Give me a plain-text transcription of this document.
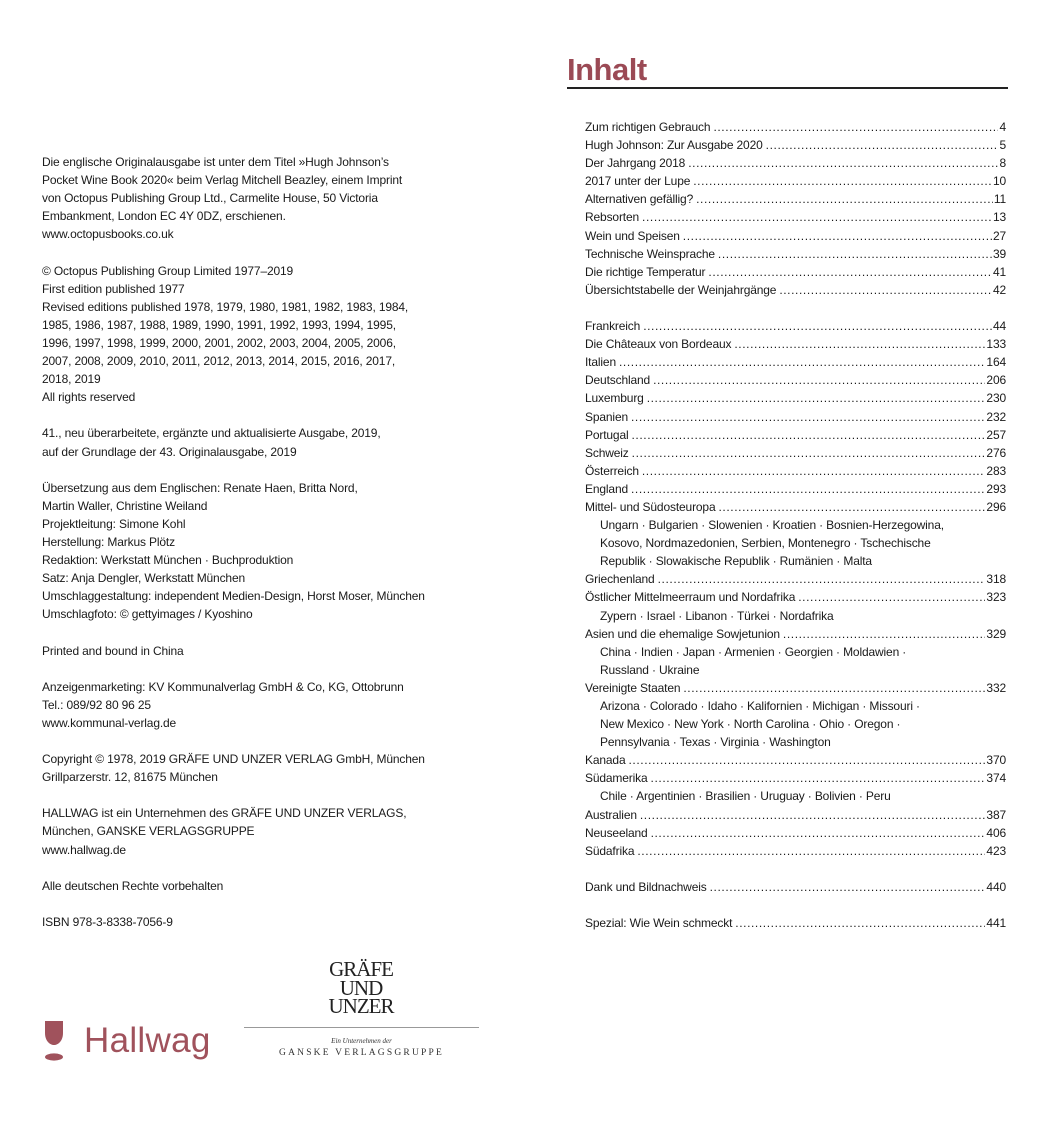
Die englische Originalausgabe ist unter dem Titel »Hugh Johnson’s
Pocket Wine Book 2020« beim Verlag Mitchell Beazley, einem Imprint
von Octopus Publishing Group Ltd., Carmelite House, 50 Victoria
Embankment, London EC 4Y 0DZ, erschienen.
www.octopusbooks.co.uk
© Octopus Publishing Group Limited 1977–2019
First edition published 1977
Revised editions published 1978, 1979, 1980, 1981, 1982, 1983, 1984,
1985, 1986, 1987, 1988, 1989, 1990, 1991, 1992, 1993, 1994, 1995,
1996, 1997, 1998, 1999, 2000, 2001, 2002, 2003, 2004, 2005, 2006,
2007, 2008, 2009, 2010, 2011, 2012, 2013, 2014, 2015, 2016, 2017,
2018, 2019
All rights reserved
41., neu überarbeitete, ergänzte und aktualisierte Ausgabe, 2019,
auf der Grundlage der 43. Originalausgabe, 2019
Übersetzung aus dem Englischen: Renate Haen, Britta Nord,
Martin Waller, Christine Weiland
Projektleitung: Simone Kohl
Herstellung: Markus Plötz
Redaktion: Werkstatt München · Buchproduktion
Satz: Anja Dengler, Werkstatt München
Umschlaggestaltung: independent Medien-Design, Horst Moser, München
Umschlagfoto: © gettyimages / Kyoshino
Printed and bound in China
Anzeigenmarketing: KV Kommunalverlag GmbH & Co, KG, Ottobrunn
Tel.: 089/92 80 96 25
www.kommunal-verlag.de
Copyright © 1978, 2019 GRÄFE UND UNZER VERLAG GmbH, München
Grillparzerstr. 12, 81675 München
HALLWAG ist ein Unternehmen des GRÄFE UND UNZER VERLAGS,
München, GANSKE VERLAGSGRUPPE
www.hallwag.de
Alle deutschen Rechte vorbehalten
ISBN 978-3-8338-7056-9
Inhalt
Zum richtigen Gebrauch .....	4
Hugh Johnson: Zur Ausgabe 2020 .....	5
Der Jahrgang 2018 .....	8
2017 unter der Lupe .....	10
Alternativen gefällig? .....	11
Rebsorten .....	13
Wein und Speisen .....	27
Technische Weinsprache .....	39
Die richtige Temperatur .....	41
Übersichtstabelle der Weinjahrgänge .....	42
Frankreich .....	44
Die Châteaux von Bordeaux .....	133
Italien .....	164
Deutschland .....	206
Luxemburg .....	230
Spanien .....	232
Portugal .....	257
Schweiz .....	276
Österreich .....	283
England .....	293
Mittel- und Südosteuropa .....	296
Ungarn · Bulgarien · Slowenien · Kroatien · Bosnien-Herzegowina,
Kosovo, Nordmazedonien, Serbien, Montenegro · Tschechische
Republik · Slowakische Republik · Rumänien · Malta
Griechenland .....	318
Östlicher Mittelmeerraum und Nordafrika .....	323
Zypern · Israel · Libanon · Türkei · Nordafrika
Asien und die ehemalige Sowjetunion .....	329
China · Indien · Japan · Armenien · Georgien · Moldawien ·
Russland · Ukraine
Vereinigte Staaten .....	332
Arizona · Colorado · Idaho · Kalifornien · Michigan · Missouri ·
New Mexico · New York · North Carolina · Ohio · Oregon ·
Pennsylvania · Texas · Virginia · Washington
Kanada .....	370
Südamerika .....	374
Chile · Argentinien · Brasilien · Uruguay · Bolivien · Peru
Australien .....	387
Neuseeland .....	406
Südafrika .....	423
Dank und Bildnachweis .....	440
Spezial: Wie Wein schmeckt .....	441
Hallwag
GRÄFE
UND
UNZER
Ein Unternehmen der
GANSKE VERLAGSGRUPPE
